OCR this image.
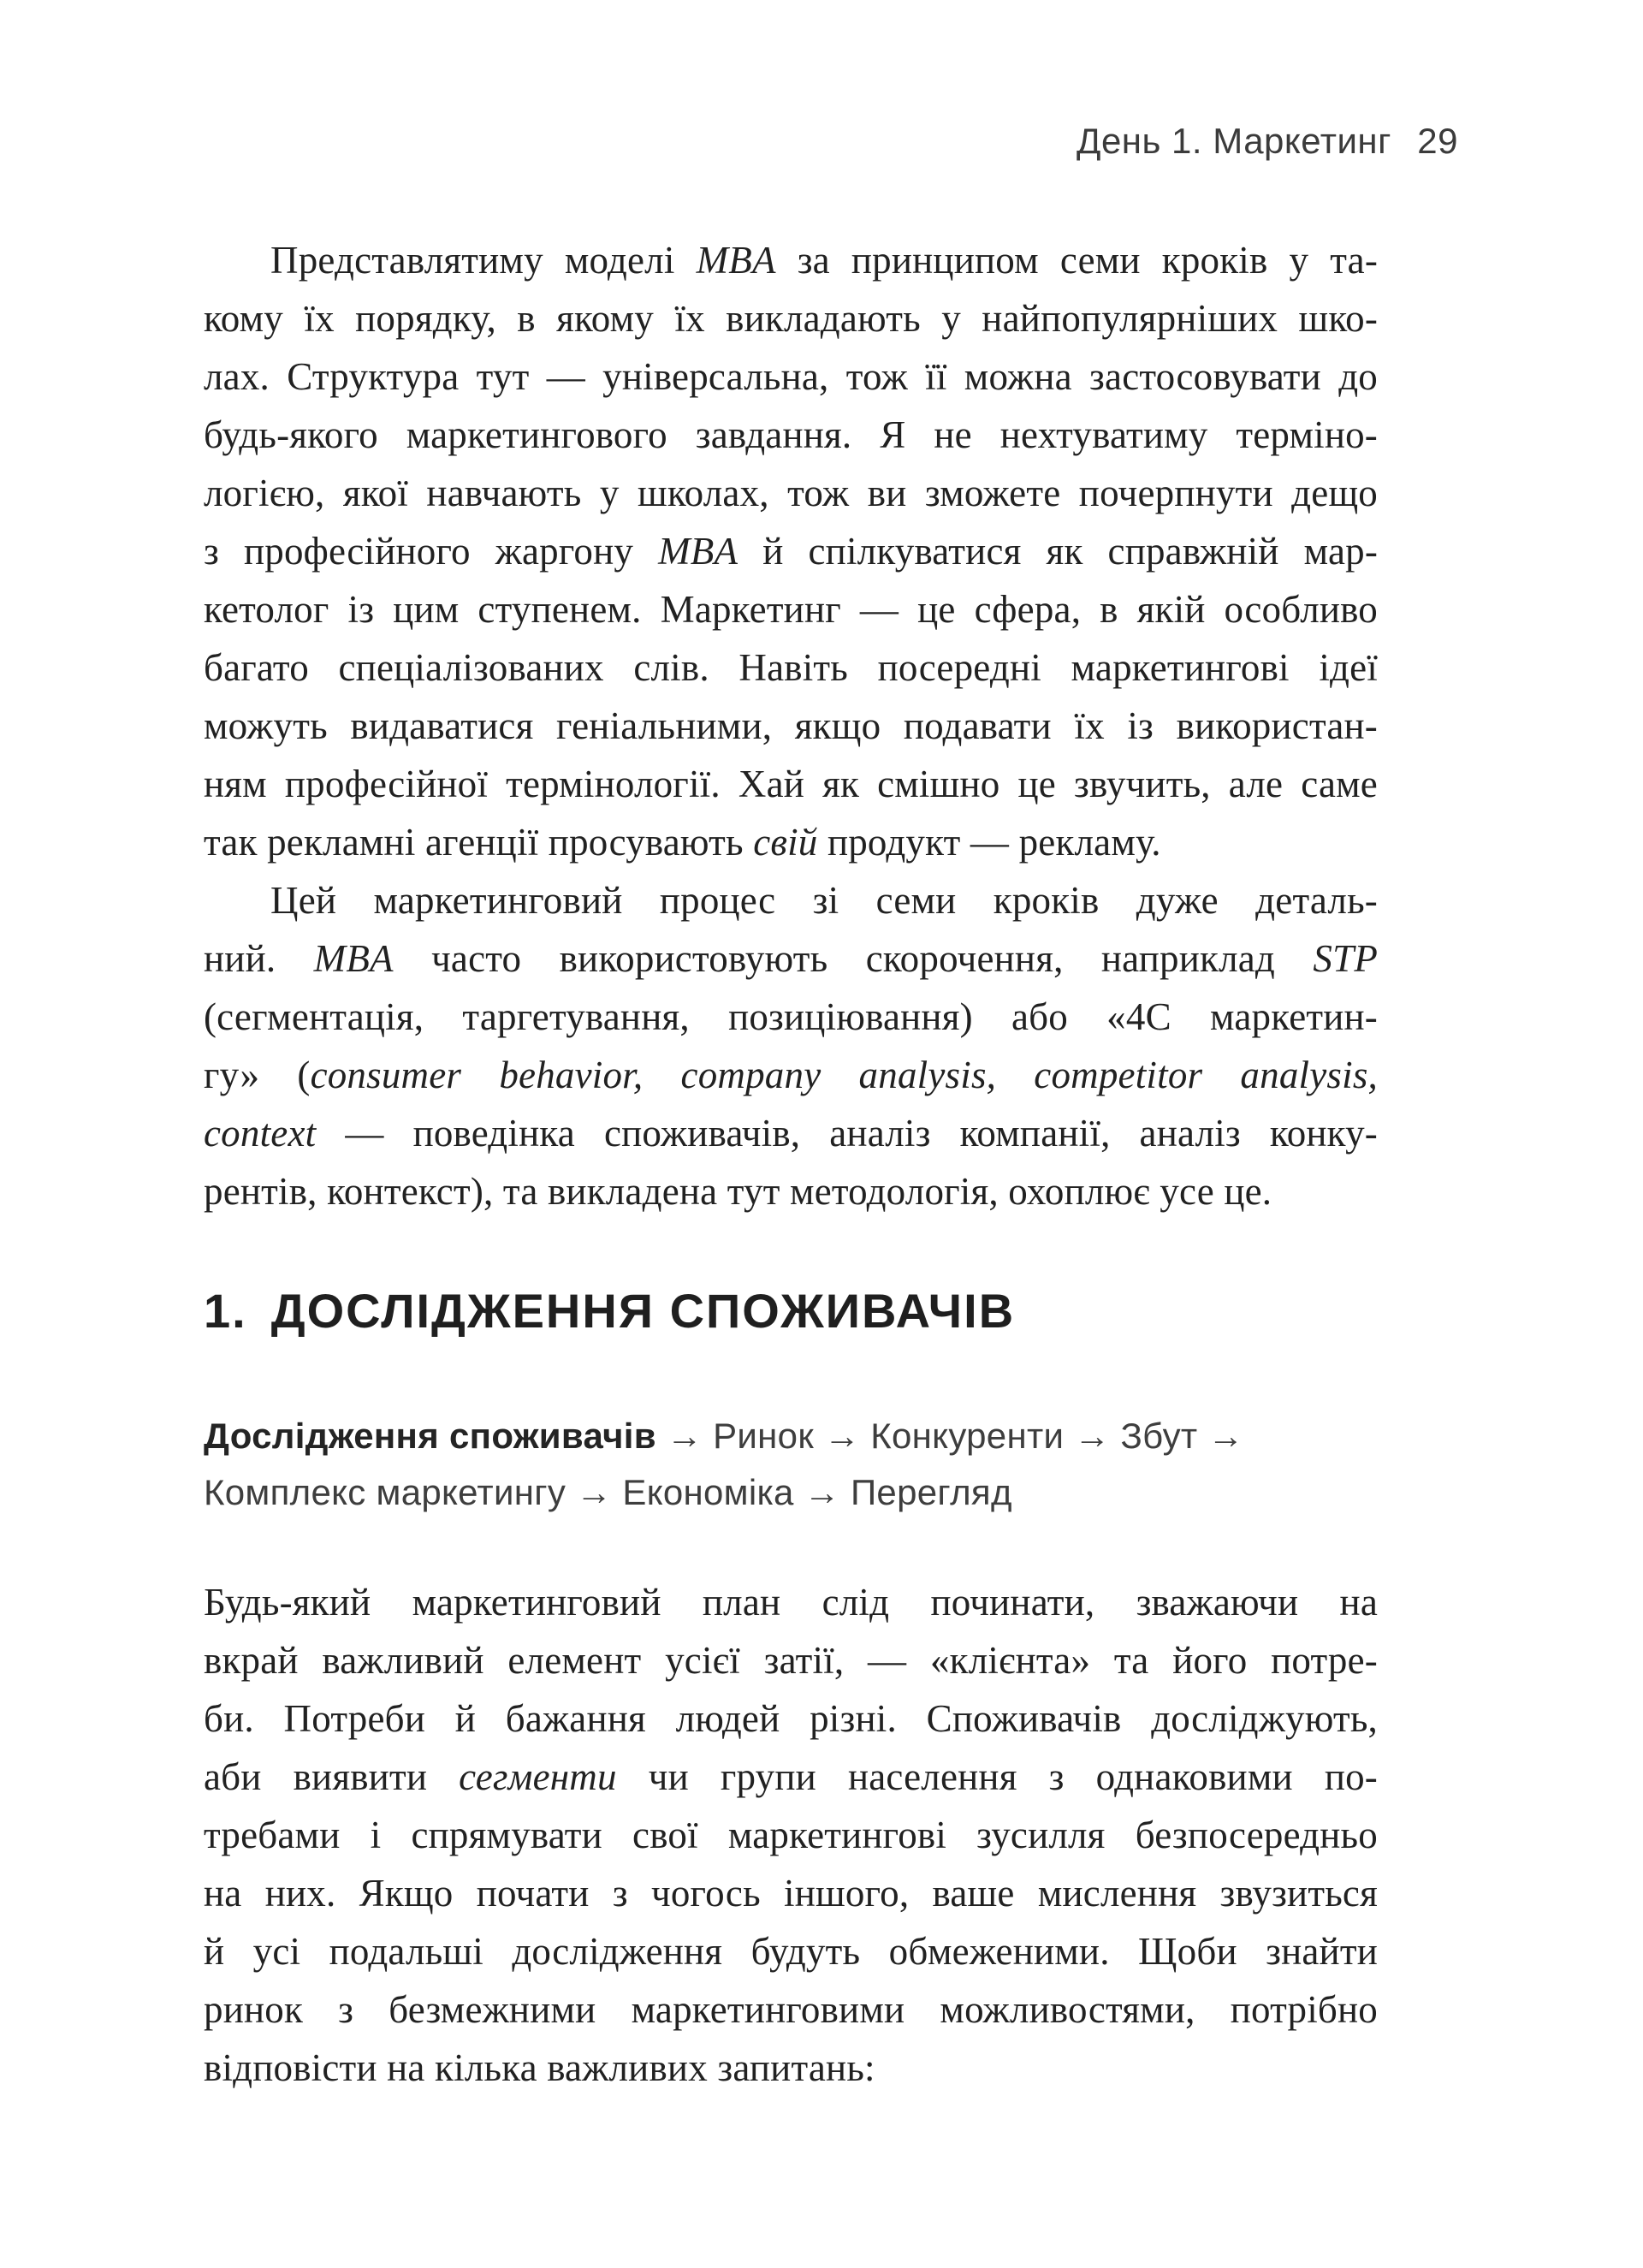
День 1. Маркетинг 29
Представлятиму моделі MBA за принципом семи кроків у та-
кому їх порядку, в якому їх викладають у найпопулярніших шко-
лах. Структура тут — універсальна, тож її можна застосовувати до
будь-якого маркетингового завдання. Я не нехтуватиму терміно-
логією, якої навчають у школах, тож ви зможете почерпнути дещо
з професійного жаргону MBA й спілкуватися як справжній мар-
кетолог із цим ступенем. Маркетинг — це сфера, в якій особливо
багато спеціалізованих слів. Навіть посередні маркетингові ідеї
можуть видаватися геніальними, якщо подавати їх із використан-
ням професійної термінології. Хай як смішно це звучить, але саме
так рекламні агенції просувають свій продукт — рекламу.
Цей маркетинговий процес зі семи кроків дуже деталь-
ний. MBA часто використовують скорочення, наприклад STP
(сегментація, таргетування, позиціювання) або «4C маркетин-
гу» (consumer behavior, company analysis, competitor analysis,
context — поведінка споживачів, аналіз компанії, аналіз конку-
рентів, контекст), та викладена тут методологія, охоплює усе це.
1. ДОСЛІДЖЕННЯ СПОЖИВАЧІВ
Дослідження споживачів → Ринок → Конкуренти → Збут →
Комплекс маркетингу → Економіка → Перегляд
Будь-який маркетинговий план слід починати, зважаючи на
вкрай важливий елемент усієї затії, — «клієнта» та його потре-
би. Потреби й бажання людей різні. Споживачів досліджують,
аби виявити сегменти чи групи населення з однаковими по-
требами і спрямувати свої маркетингові зусилля безпосередньо
на них. Якщо почати з чогось іншого, ваше мислення звузиться
й усі подальші дослідження будуть обмеженими. Щоби знайти
ринок з безмежними маркетинговими можливостями, потрібно
відповісти на кілька важливих запитань:
